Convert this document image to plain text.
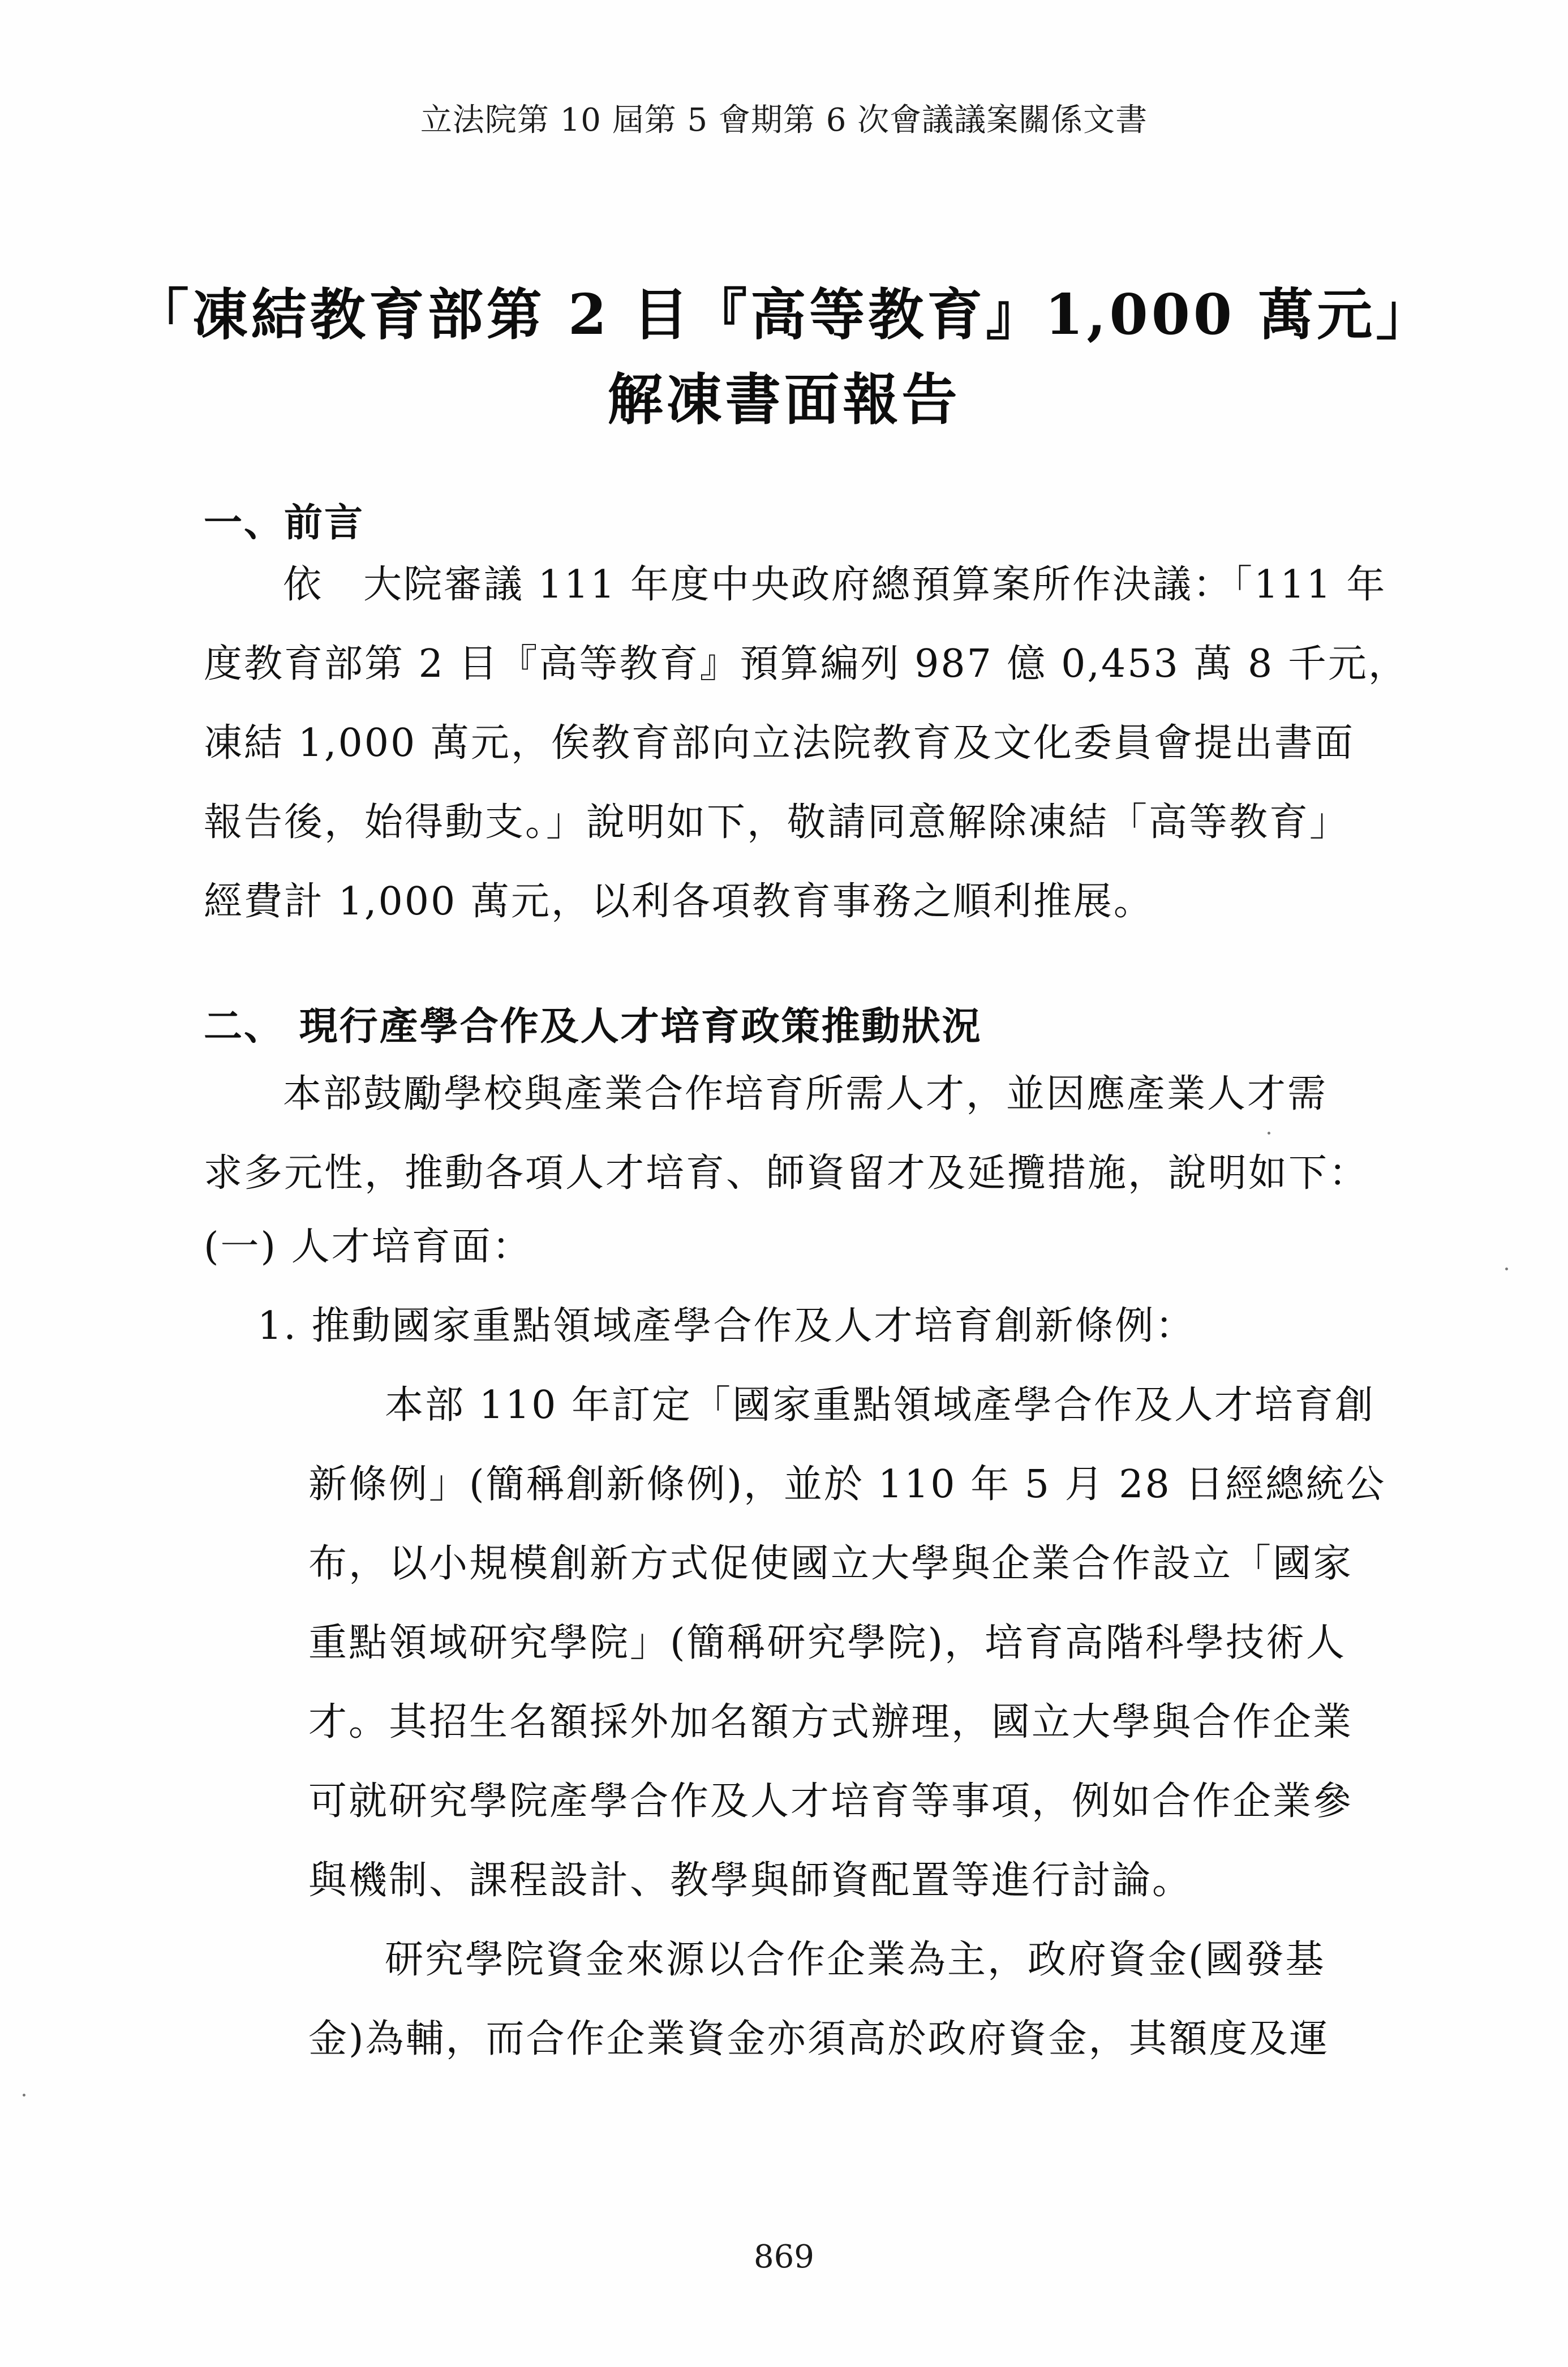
立法院第 10 屆第 5 會期第 6 次會議議案關係文書
「凍結教育部第 2 目『高等教育』1,000 萬元」
解凍書面報告
一、前言
依　大院審議 111 年度中央政府總預算案所作決議：「111 年
度教育部第 2 目『高等教育』預算編列 987 億 0,453 萬 8 千元，
凍結 1,000 萬元，俟教育部向立法院教育及文化委員會提出書面
報告後，始得動支。」說明如下，敬請同意解除凍結「高等教育」
經費計 1,000 萬元，以利各項教育事務之順利推展。
二、 現行產學合作及人才培育政策推動狀況
本部鼓勵學校與產業合作培育所需人才，並因應產業人才需
求多元性，推動各項人才培育、師資留才及延攬措施，說明如下：
(一) 人才培育面：
1. 推動國家重點領域產學合作及人才培育創新條例：
本部 110 年訂定「國家重點領域產學合作及人才培育創
新條例」(簡稱創新條例)，並於 110 年 5 月 28 日經總統公
布，以小規模創新方式促使國立大學與企業合作設立「國家
重點領域研究學院」(簡稱研究學院)，培育高階科學技術人
才。其招生名額採外加名額方式辦理，國立大學與合作企業
可就研究學院產學合作及人才培育等事項，例如合作企業參
與機制、課程設計、教學與師資配置等進行討論。
研究學院資金來源以合作企業為主，政府資金(國發基
金)為輔，而合作企業資金亦須高於政府資金，其額度及運
869
